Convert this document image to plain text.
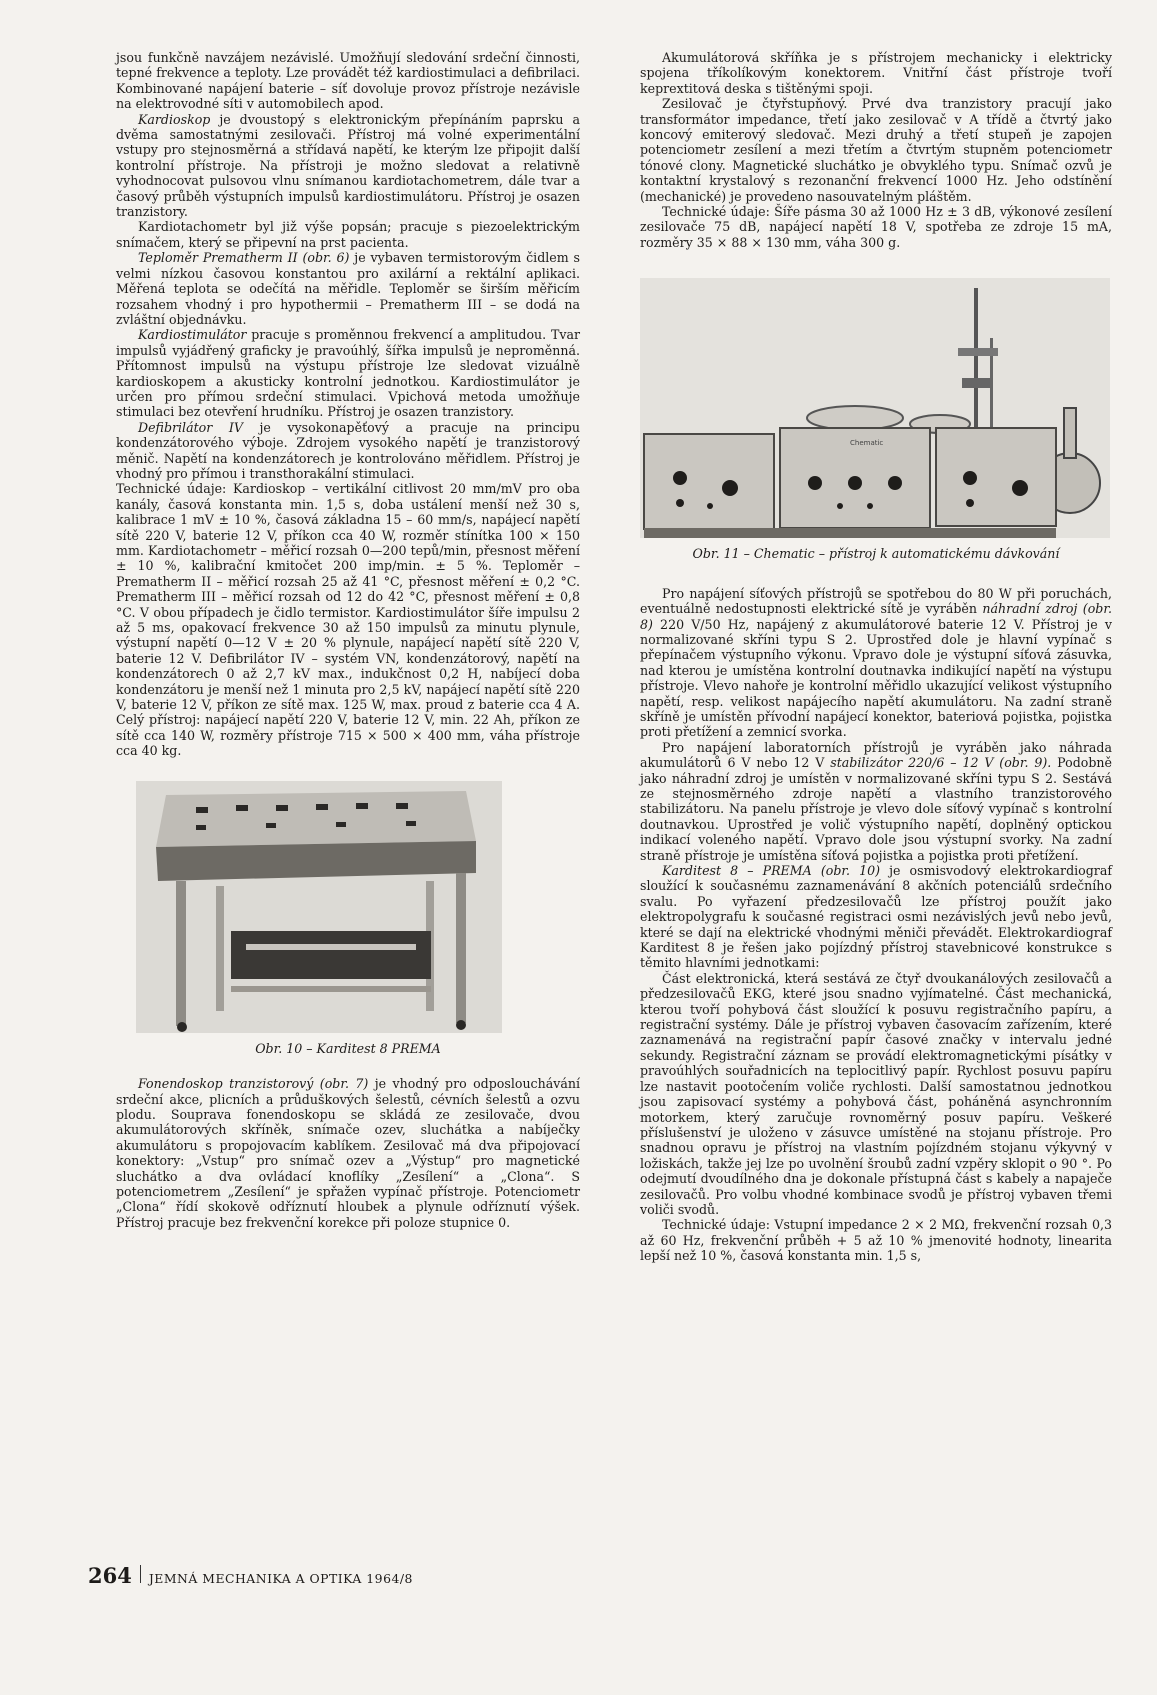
jsou funkčně navzájem nezávislé. Umožňují sledování srdeční činnosti, tepné frekvence a teploty. Lze provádět též kardiostimulaci a defibrilaci. Kombinované napájení baterie – síť dovoluje provoz přístroje nezávisle na elektrovodné síti v automobilech apod.

Kardioskop je dvoustopý s elektronickým přepínáním paprsku a dvěma samostatnými zesilovači. Přístroj má volné experimentální vstupy pro stejnosměrná a střídavá napětí, ke kterým lze připojit další kontrolní přístroje. Na přístroji je možno sledovat a relativně vyhodnocovat pulsovou vlnu snímanou kardiotachometrem, dále tvar a časový průběh výstupních impulsů kardiostimulátoru. Přístroj je osazen tranzistory.

Kardiotachometr byl již výše popsán; pracuje s piezoelektrickým snímačem, který se připevní na prst pacienta.

Teploměr Prematherm II (obr. 6) je vybaven termistorovým čidlem s velmi nízkou časovou konstantou pro axilární a rektální aplikaci. Měřená teplota se odečítá na měřidle. Teploměr se širším měřicím rozsahem vhodný i pro hypothermii – Prematherm III – se dodá na zvláštní objednávku.

Kardiostimulátor pracuje s proměnnou frekvencí a amplitudou. Tvar impulsů vyjádřený graficky je pravoúhlý, šířka impulsů je neproměnná. Přítomnost impulsů na výstupu přístroje lze sledovat vizuálně kardioskopem a akusticky kontrolní jednotkou. Kardiostimulátor je určen pro přímou srdeční stimulaci. Vpichová metoda umožňuje stimulaci bez otevření hrudníku. Přístroj je osazen tranzistory.

Defibrilátor IV je vysokonapěťový a pracuje na principu kondenzátorového výboje. Zdrojem vysokého napětí je tranzistorový měnič. Napětí na kondenzátorech je kontrolováno měřidlem. Přístroj je vhodný pro přímou i transthorakální stimulaci.

Technické údaje: Kardioskop – vertikální citlivost 20 mm/mV pro oba kanály, časová konstanta min. 1,5 s, doba ustálení menší než 30 s, kalibrace 1 mV ± 10 %, časová základna 15 – 60 mm/s, napájecí napětí sítě 220 V, baterie 12 V, příkon cca 40 W, rozměr stínítka 100 × 150 mm. Kardiotachometr – měřicí rozsah 0—200 tepů/min, přesnost měření ± 10 %, kalibrační kmitočet 200 imp/min. ± 5 %. Teploměr – Prematherm II – měřicí rozsah 25 až 41 °C, přesnost měření ± 0,2 °C. Prematherm III – měřicí rozsah od 12 do 42 °C, přesnost měření ± 0,8 °C. V obou případech je čidlo termistor. Kardiostimulátor šíře impulsu 2 až 5 ms, opakovací frekvence 30 až 150 impulsů za minutu plynule, výstupní napětí 0—12 V ± 20 % plynule, napájecí napětí sítě 220 V, baterie 12 V. Defibrilátor IV – systém VN, kondenzátorový, napětí na kondenzátorech 0 až 2,7 kV max., indukčnost 0,2 H, nabíjecí doba kondenzátoru je menší než 1 minuta pro 2,5 kV, napájecí napětí sítě 220 V, baterie 12 V, příkon ze sítě max. 125 W, max. proud z baterie cca 4 A. Celý přístroj: napájecí napětí 220 V, baterie 12 V, min. 22 Ah, příkon ze sítě cca 140 W, rozměry přístroje 715 × 500 × 400 mm, váha přístroje cca 40 kg.

Obr. 10 – Karditest 8 PREMA

Fonendoskop tranzistorový (obr. 7) je vhodný pro odposlouchávání srdeční akce, plicních a průduškových šelestů, cévních šelestů a ozvu plodu. Souprava fonendoskopu se skládá ze zesilovače, dvou akumulátorových skříněk, snímače ozev, sluchátka a nabíječky akumulátoru s propojovacím kablíkem. Zesilovač má dva připojovací konektory: „Vstup“ pro snímač ozev a „Výstup“ pro magnetické sluchátko a dva ovládací knoflíky „Zesílení“ a „Clona“. S potenciometrem „Zesílení“ je spřažen vypínač přístroje. Potenciometr „Clona“ řídí skokově odříznutí hloubek a plynule odříznutí výšek. Přístroj pracuje bez frekvenční korekce při poloze stupnice 0.

Akumulátorová skříňka je s přístrojem mechanicky i elektricky spojena tříkolíkovým konektorem. Vnitřní část přístroje tvoří keprextitová deska s tištěnými spoji.

Zesilovač je čtyřstupňový. Prvé dva tranzistory pracují jako transformátor impedance, třetí jako zesilovač v A třídě a čtvrtý jako koncový emiterový sledovač. Mezi druhý a třetí stupeň je zapojen potenciometr zesílení a mezi třetím a čtvrtým stupněm potenciometr tónové clony. Magnetické sluchátko je obvyklého typu. Snímač ozvů je kontaktní krystalový s rezonanční frekvencí 1000 Hz. Jeho odstínění (mechanické) je provedeno nasouvatelným pláštěm.

Technické údaje: Šíře pásma 30 až 1000 Hz ± 3 dB, výkonové zesílení zesilovače 75 dB, napájecí napětí 18 V, spotřeba ze zdroje 15 mA, rozměry 35 × 88 × 130 mm, váha 300 g.

Chematic
Obr. 11 – Chematic – přístroj k automatickému dávkování

Pro napájení síťových přístrojů se spotřebou do 80 W při poruchách, eventuálně nedostupnosti elektrické sítě je vyráběn náhradní zdroj (obr. 8) 220 V/50 Hz, napájený z akumulátorové baterie 12 V. Přístroj je v normalizované skříni typu S 2. Uprostřed dole je hlavní vypínač s přepínačem výstupního výkonu. Vpravo dole je výstupní síťová zásuvka, nad kterou je umístěna kontrolní doutnavka indikující napětí na výstupu přístroje. Vlevo nahoře je kontrolní měřidlo ukazující velikost výstupního napětí, resp. velikost napájecího napětí akumulátoru. Na zadní straně skříně je umístěn přívodní napájecí konektor, bateriová pojistka, pojistka proti přetížení a zemnicí svorka.

Pro napájení laboratorních přístrojů je vyráběn jako náhrada akumulátorů 6 V nebo 12 V stabilizátor 220/6 – 12 V (obr. 9). Podobně jako náhradní zdroj je umístěn v normalizované skříni typu S 2. Sestává ze stejnosměrného zdroje napětí a vlastního tranzistorového stabilizátoru. Na panelu přístroje je vlevo dole síťový vypínač s kontrolní doutnavkou. Uprostřed je volič výstupního napětí, doplněný optickou indikací voleného napětí. Vpravo dole jsou výstupní svorky. Na zadní straně přístroje je umístěna síťová pojistka a pojistka proti přetížení.

Karditest 8 – PREMA (obr. 10) je osmisvodový elektrokardiograf sloužící k současnému zaznamenávání 8 akčních potenciálů srdečního svalu. Po vyřazení předzesilovačů lze přístroj použít jako elektropolygrafu k současné registraci osmi nezávislých jevů nebo jevů, které se dají na elektrické vhodnými měniči převádět. Elektrokardiograf Karditest 8 je řešen jako pojízdný přístroj stavebnicové konstrukce s těmito hlavními jednotkami:

Část elektronická, která sestává ze čtyř dvoukanálových zesilovačů a předzesilovačů EKG, které jsou snadno vyjímatelné. Část mechanická, kterou tvoří pohybová část sloužící k posuvu registračního papíru, a registrační systémy. Dále je přístroj vybaven časovacím zařízením, které zaznamenává na registrační papír časové značky v intervalu jedné sekundy. Registrační záznam se provádí elektromagnetickými písátky v pravoúhlých souřadnicích na teplocitlivý papír. Rychlost posuvu papíru lze nastavit pootočením voliče rychlosti. Další samostatnou jednotkou jsou zapisovací systémy a pohybová část, poháněná asynchronním motorkem, který zaručuje rovnoměrný posuv papíru. Veškeré příslušenství je uloženo v zásuvce umístěné na stojanu přístroje. Pro snadnou opravu je přístroj na vlastním pojízdném stojanu výkyvný v ložiskách, takže jej lze po uvolnění šroubů zadní vzpěry sklopit o 90 °. Po odejmutí dvoudílného dna je dokonale přístupná část s kabely a napaječe zesilovačů. Pro volbu vhodné kombinace svodů je přístroj vybaven třemi voliči svodů.

Technické údaje: Vstupní impedance 2 × 2 MΩ, frekvenční rozsah 0,3 až 60 Hz, frekvenční průběh + 5 až 10 % jmenovité hodnoty, linearita lepší než 10 %, časová konstanta min. 1,5 s,

264 JEMNÁ MECHANIKA A OPTIKA 1964/8
